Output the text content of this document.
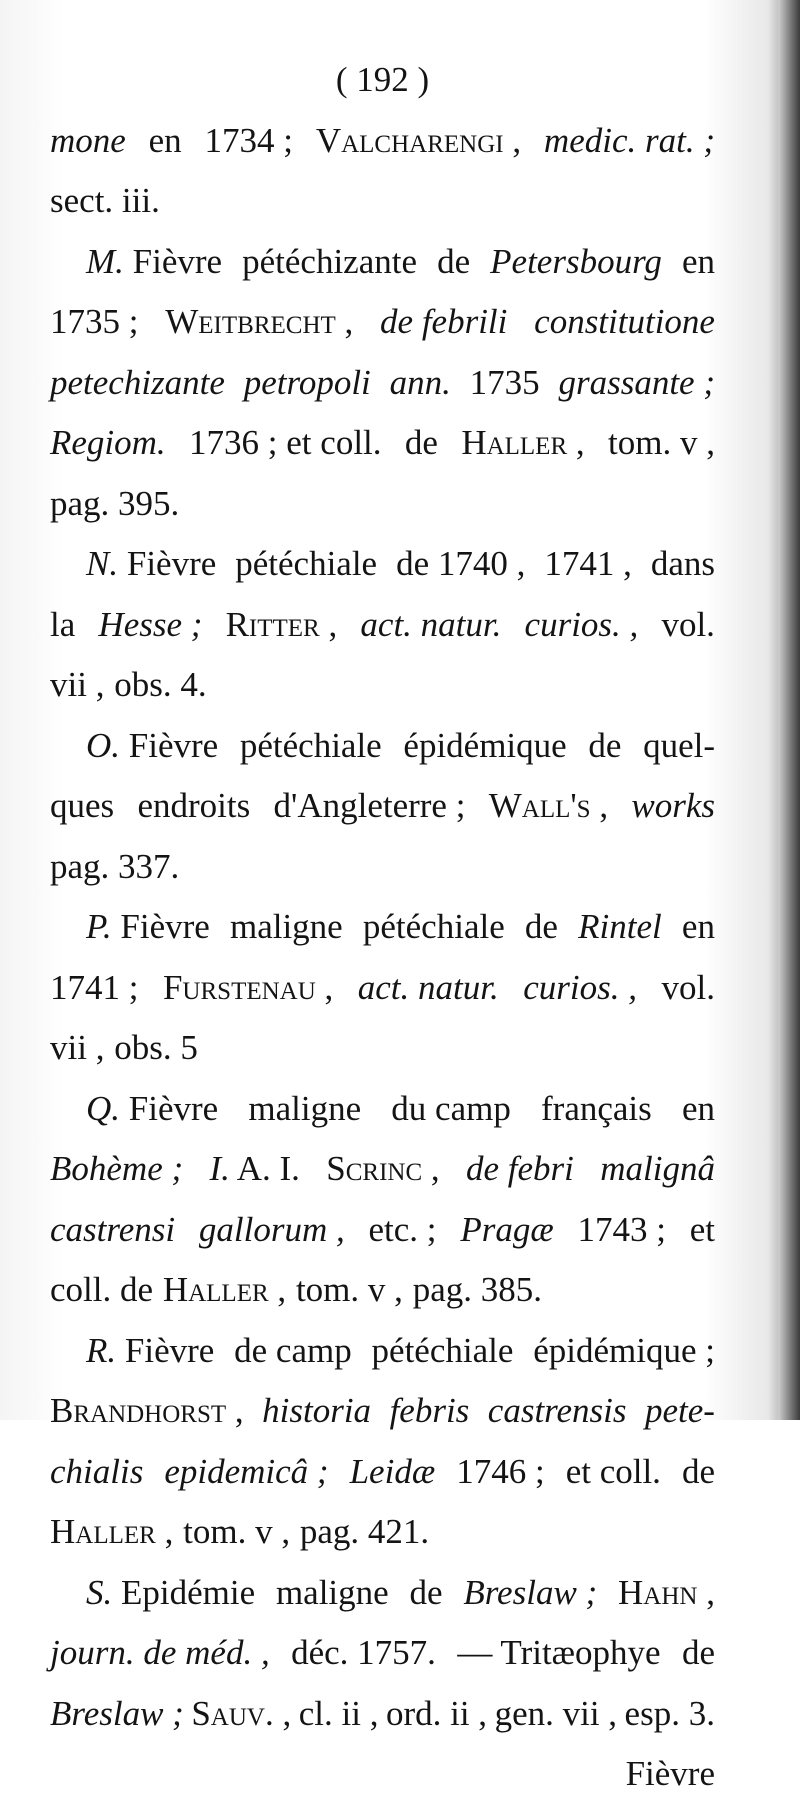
( 192 )
mone en 1734 ; Valcharengi , medic. rat. ;
sect. iii.
M. Fièvre pétéchizante de Petersbourg en
1735 ; Weitbrecht , de febrili constitutione
petechizante petropoli ann. 1735 grassante ;
Regiom. 1736 ; et coll. de Haller , tom. v ,
pag. 395.
N. Fièvre pétéchiale de 1740 , 1741 , dans
la Hesse ; Ritter , act. natur. curios. , vol.
vii , obs. 4.
O. Fièvre pétéchiale épidémique de quel-
ques endroits d'Angleterre ; Wall's , works
pag. 337.
P. Fièvre maligne pétéchiale de Rintel en
1741 ; Furstenau , act. natur. curios. , vol.
vii , obs. 5
Q. Fièvre maligne du camp français en
Bohème ; I. A. I. Scrinc , de febri malignâ
castrensi gallorum , etc. ; Pragæ 1743 ; et
coll. de Haller , tom. v , pag. 385.
R. Fièvre de camp pétéchiale épidémique ;
Brandhorst , historia febris castrensis pete-
chialis epidemicâ ; Leidæ 1746 ; et coll. de
Haller , tom. v , pag. 421.
S. Epidémie maligne de Breslaw ; Hahn ,
journ. de méd. , déc. 1757. — Tritæophye de
Breslaw ; Sauv. , cl. ii , ord. ii , gen. vii , esp. 3.
Fièvre
